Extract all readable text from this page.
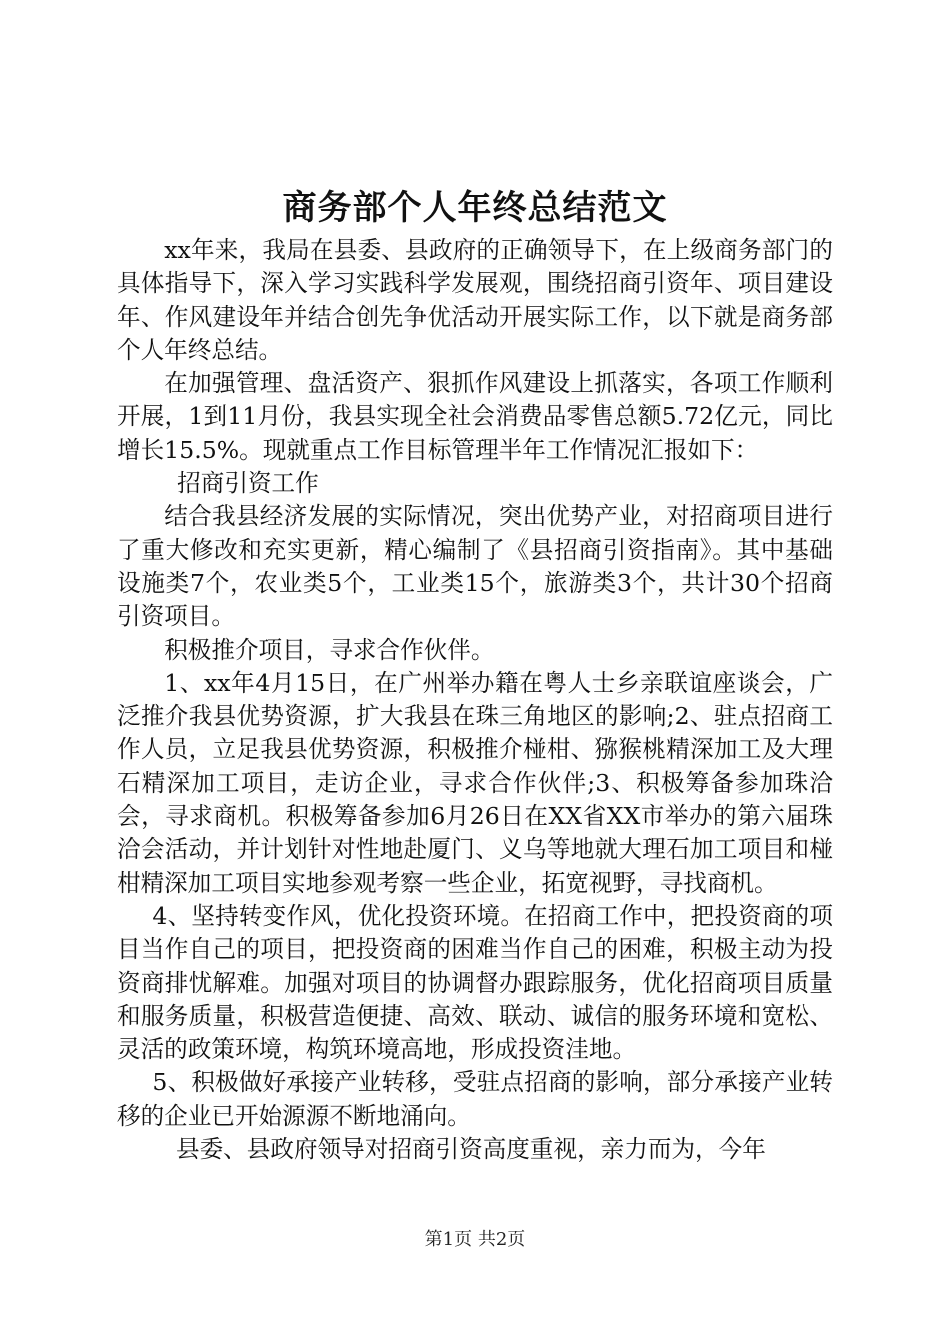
商务部个人年终总结范文

xx年来，我局在县委、县政府的正确领导下，在上级商务部门的具体指导下，深入学习实践科学发展观，围绕招商引资年、项目建设年、作风建设年并结合创先争优活动开展实际工作，以下就是商务部个人年终总结。

在加强管理、盘活资产、狠抓作风建设上抓落实，各项工作顺利开展，1到11月份，我县实现全社会消费品零售总额5.72亿元，同比增长15.5%。现就重点工作目标管理半年工作情况汇报如下：

招商引资工作

结合我县经济发展的实际情况，突出优势产业，对招商项目进行了重大修改和充实更新，精心编制了《县招商引资指南》。其中基础设施类7个，农业类5个，工业类15个，旅游类3个，共计30个招商引资项目。

积极推介项目，寻求合作伙伴。

1、xx年4月15日，在广州举办籍在粤人士乡亲联谊座谈会，广泛推介我县优势资源，扩大我县在珠三角地区的影响;2、驻点招商工作人员，立足我县优势资源，积极推介椪柑、猕猴桃精深加工及大理石精深加工项目，走访企业，寻求合作伙伴;3、积极筹备参加珠洽会，寻求商机。积极筹备参加6月26日在XX省XX市举办的第六届珠洽会活动，并计划针对性地赴厦门、义乌等地就大理石加工项目和椪柑精深加工项目实地参观考察一些企业，拓宽视野，寻找商机。

4、坚持转变作风，优化投资环境。在招商工作中，把投资商的项目当作自己的项目，把投资商的困难当作自己的困难，积极主动为投资商排忧解难。加强对项目的协调督办跟踪服务，优化招商项目质量和服务质量，积极营造便捷、高效、联动、诚信的服务环境和宽松、灵活的政策环境，构筑环境高地，形成投资洼地。

5、积极做好承接产业转移，受驻点招商的影响，部分承接产业转移的企业已开始源源不断地涌向。

县委、县政府领导对招商引资高度重视，亲力而为，今年

第1页 共2页
